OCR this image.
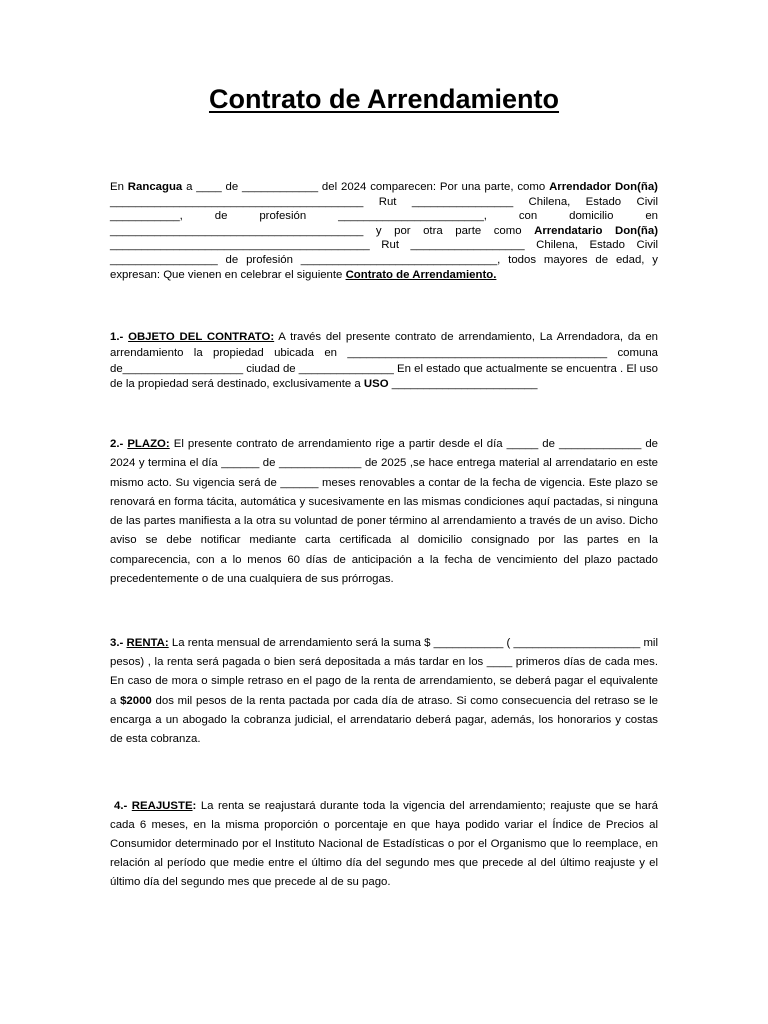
Contrato de Arrendamiento
En Rancagua a ____ de ____________ del 2024 comparecen: Por una parte, como Arrendador Don(ña) ________________________________________ Rut ________________ Chilena, Estado Civil ___________, de profesión _______________________, con domicilio en ________________________________________ y por otra parte como Arrendatario Don(ña) _________________________________________ Rut __________________ Chilena, Estado Civil _________________ de profesión _______________________________, todos mayores de edad, y expresan: Que vienen en celebrar el siguiente Contrato de Arrendamiento.
1.- OBJETO DEL CONTRATO: A través del presente contrato de arrendamiento, La Arrendadora, da en arrendamiento la propiedad ubicada en _________________________________________ comuna de___________________ ciudad de _______________ En el estado que actualmente se encuentra . El uso de la propiedad será destinado, exclusivamente a USO _______________________
2.- PLAZO: El presente contrato de arrendamiento rige a partir desde el día _____ de _____________ de 2024 y termina el día ______ de _____________ de 2025 ,se hace entrega material al arrendatario en este mismo acto. Su vigencia será de ______ meses renovables a contar de la fecha de vigencia. Este plazo se renovará en forma tácita, automática y sucesivamente en las mismas condiciones aquí pactadas, si ninguna de las partes manifiesta a la otra su voluntad de poner término al arrendamiento a través de un aviso. Dicho aviso se debe notificar mediante carta certificada al domicilio consignado por las partes en la comparecencia, con a lo menos 60 días de anticipación a la fecha de vencimiento del plazo pactado precedentemente o de una cualquiera de sus prórrogas.
3.- RENTA: La renta mensual de arrendamiento será la suma $ ___________ ( ____________________ mil pesos) , la renta será pagada o bien será depositada a más tardar en los ____ primeros días de cada mes. En caso de mora o simple retraso en el pago de la renta de arrendamiento, se deberá pagar el equivalente a $2000 dos mil pesos de la renta pactada por cada día de atraso. Si como consecuencia del retraso se le encarga a un abogado la cobranza judicial, el arrendatario deberá pagar, además, los honorarios y costas de esta cobranza.
4.- REAJUSTE: La renta se reajustará durante toda la vigencia del arrendamiento; reajuste que se hará cada 6 meses, en la misma proporción o porcentaje en que haya podido variar el Índice de Precios al Consumidor determinado por el Instituto Nacional de Estadísticas o por el Organismo que lo reemplace, en relación al período que medie entre el último día del segundo mes que precede al del último reajuste y el último día del segundo mes que precede al de su pago.
